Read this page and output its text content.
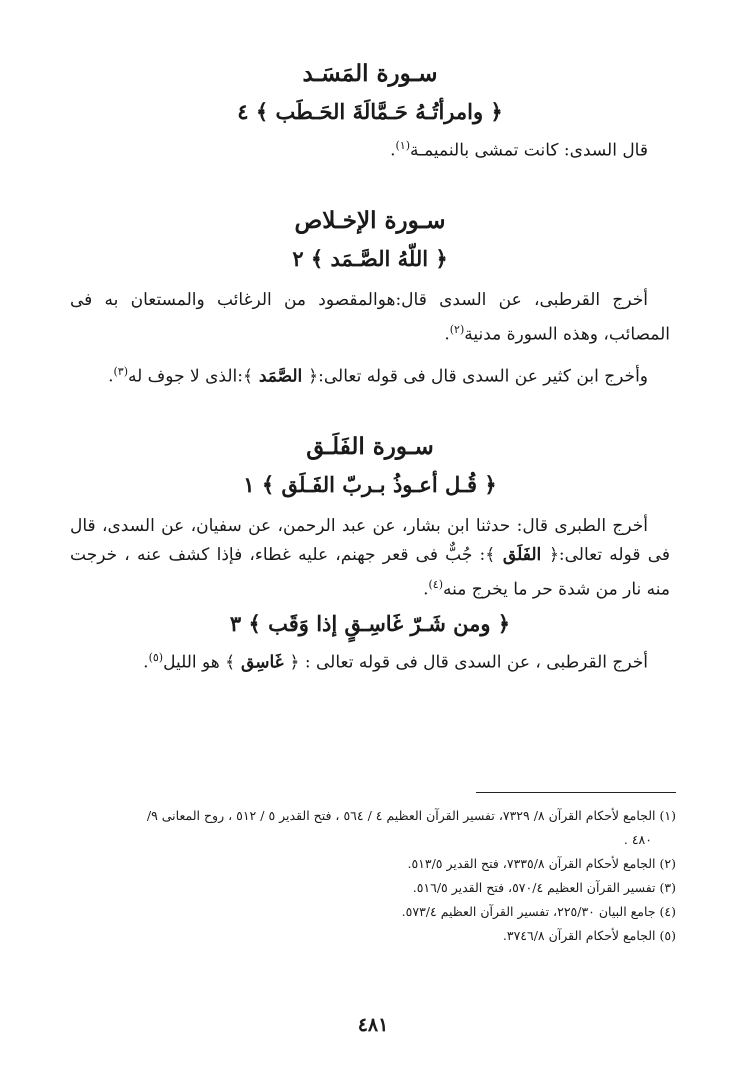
سـورة المَسَـد

﴿ وامرأتُـهُ حَـمَّالَةَ الحَـطَب ﴾ ٤

قال السدى: كانت تمشى بالنميمـة$^{(١)}$.

سـورة الإخـلاص

﴿ اللّهُ الصَّـمَد ﴾ ٢

أخرج القرطبى، عن السدى قال:هوالمقصود من الرغائب والمستعان به فى المصائب، وهذه السورة مدنية$^{(٢)}$.

وأخرج ابن كثير عن السدى قال فى قوله تعالى:﴿ الصَّمَد ﴾:الذى لا جوف له$^{(٣)}$.

سـورة الفَلَـق

﴿ قُـل أعـوذُ بـربّ الفَـلَق ﴾ ١

أخرج الطبرى قال: حدثنا ابن بشار، عن عبد الرحمن، عن سفيان، عن السدى، قال فى قوله تعالى:﴿ الفَلَق ﴾: جُبٌّ فى قعر جهنم، عليه غطاء، فإذا كشف عنه ، خرجت منه نار من شدة حر ما يخرج منه$^{(٤)}$.

﴿ ومن شَـرّ غَاسِـقٍ إذا وَقَب ﴾ ٣

أخرج القرطبى ، عن السدى قال فى قوله تعالى : ﴿ غَاسِق ﴾ هو الليل$^{(٥)}$.

(١) الجامع لأحكام القرآن ٨/ ٧٣٢٩، تفسير القرآن العظيم ٤ / ٥٦٤ ، فتح القدير ٥ / ٥١٢ ، روح المعانى ٩/
٤٨٠ .
(٢) الجامع لأحكام القرآن ٧٣٣٥/٨، فتح القدير ٥١٣/٥.
(٣) تفسير القرآن العظيم ٥٧٠/٤، فتح القدير ٥١٦/٥.
(٤) جامع البيان ٢٢٥/٣٠، تفسير القرآن العظيم ٥٧٣/٤.
(٥) الجامع لأحكام القرآن ٣٧٤٦/٨.
٤٨١
